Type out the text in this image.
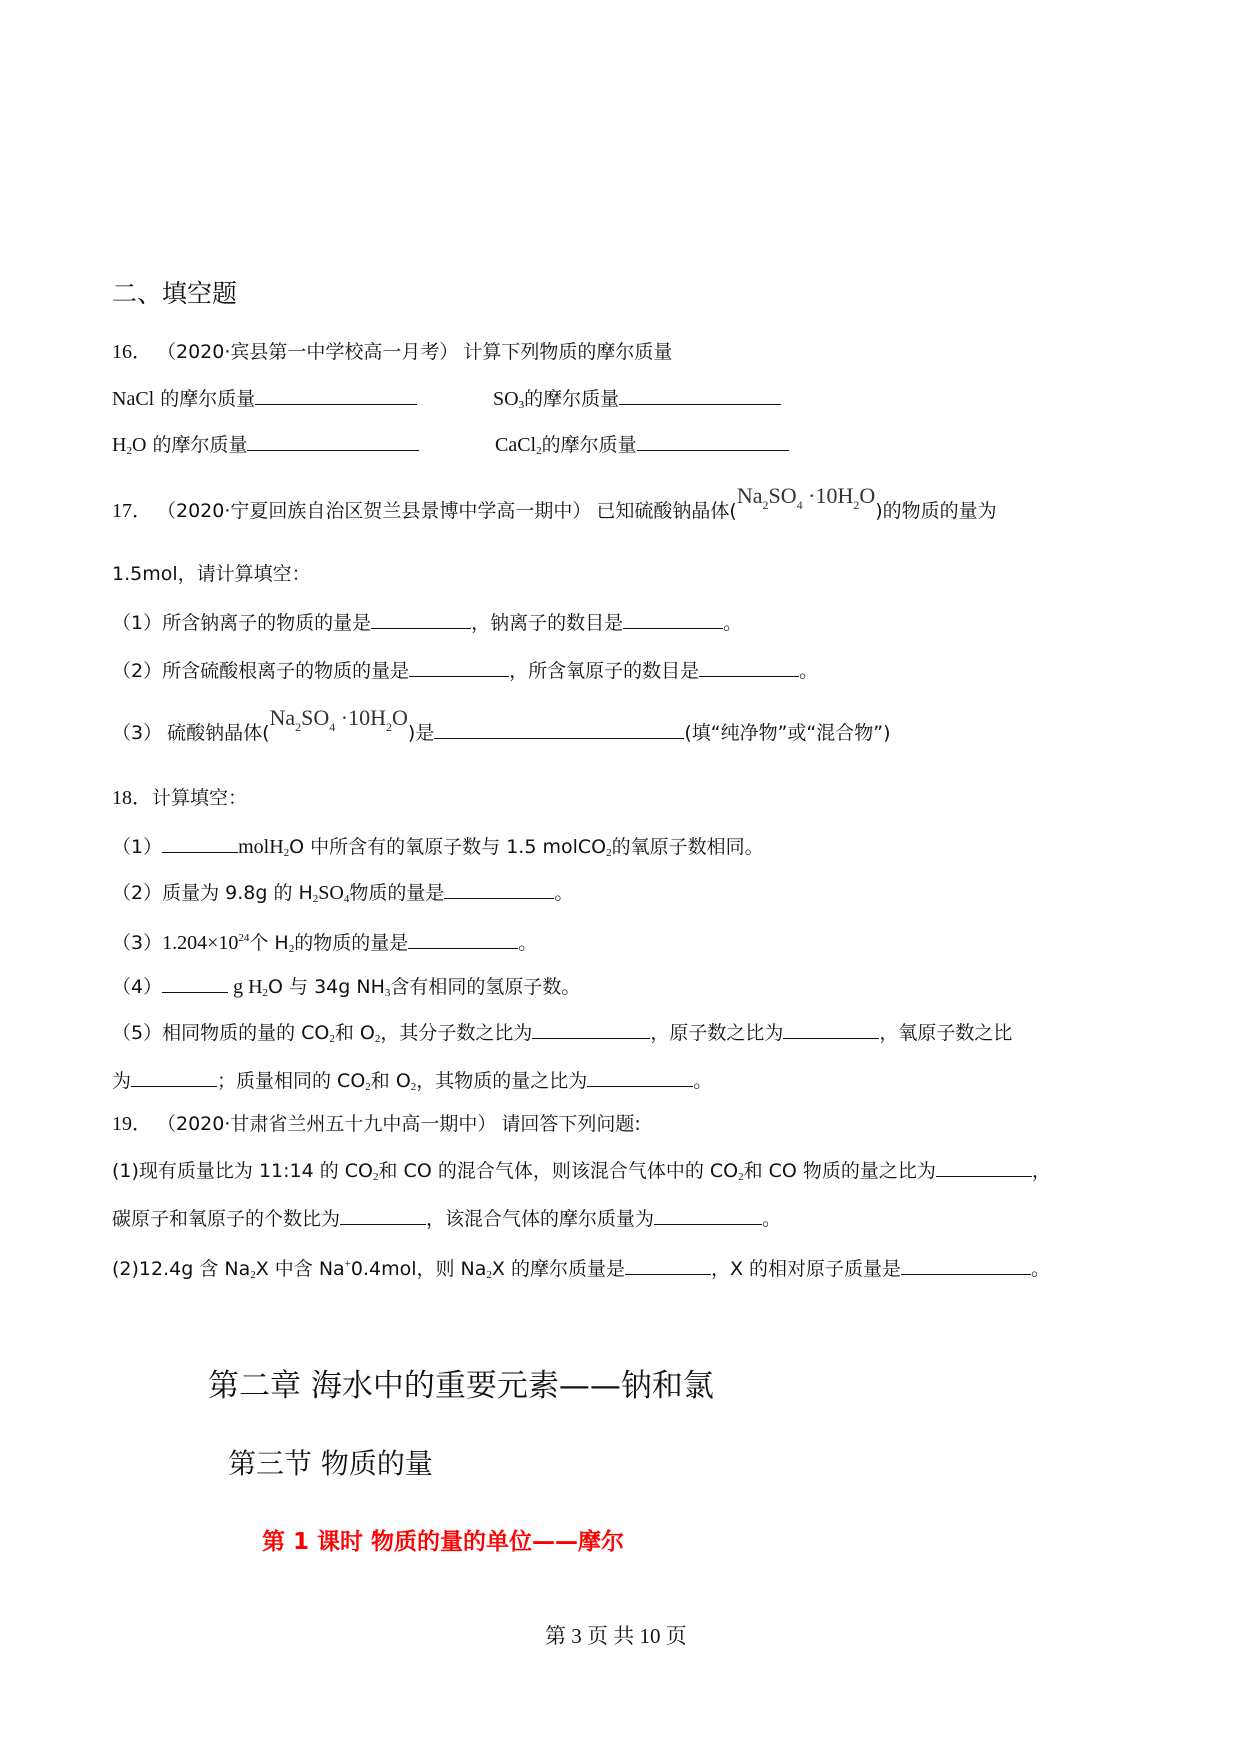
二、填空题
16． （2020·宾县第一中学校高一月考） 计算下列物质的摩尔质量
NaCl 的摩尔质量	$SO_3$的摩尔质量
$H_2O$ 的摩尔质量	CaCl$_2$的摩尔质量
17． （2020·宁夏回族自治区贺兰县景博中学高一期中） 已知硫酸钠晶体$(Na_2SO_4 \cdot 10H_2O)$的物质的量为
1.5mol，请计算填空：
（1）所含钠离子的物质的量是	，钠离子的数目是	。
（2）所含硫酸根离子的物质的量是	，所含氧原子的数目是	。
（3） 硫酸钠晶体$(Na_2SO_4 \cdot 10H_2O)$是	(填“纯净物”或“混合物”)
18．计算填空：
（1）	molH$_2$O 中所含有的氧原子数与 1.5 molCO$_2$的氧原子数相同。
（2）质量为 9.8g 的 $H_2SO_4$物质的量是	。
$(3)1.204\times 10^{24}$个 $H_2$的物质的量是	。
（4）	g $H_2O$ 与 34g $NH_3$含有相同的氢原子数。
（5）相同物质的量的 $CO_2$和 $O_2$，其分子数之比为	，原子数之比为	，氧原子数之比
为	；质量相同的 $CO_2$和 $O_2$，其物质的量之比为	。
19． （2020·甘肃省兰州五十九中高一期中） 请回答下列问题:
(1)现有质量比为 11:14 的 $CO_2$和 CO 的混合气体，则该混合气体中的 $CO_2$和 CO 物质的量之比为	，
碳原子和氧原子的个数比为	，该混合气体的摩尔质量为	。
(2)12.4g 含 $Na_2X$ 中含 Na+0.4mol，则 $Na_2X$ 的摩尔质量是	，X 的相对原子质量是	。
第二章 海水中的重要元素——钠和氯
第三节 物质的量
第 1 课时 物质的量的单位——摩尔
第 3 页 共 10 页
